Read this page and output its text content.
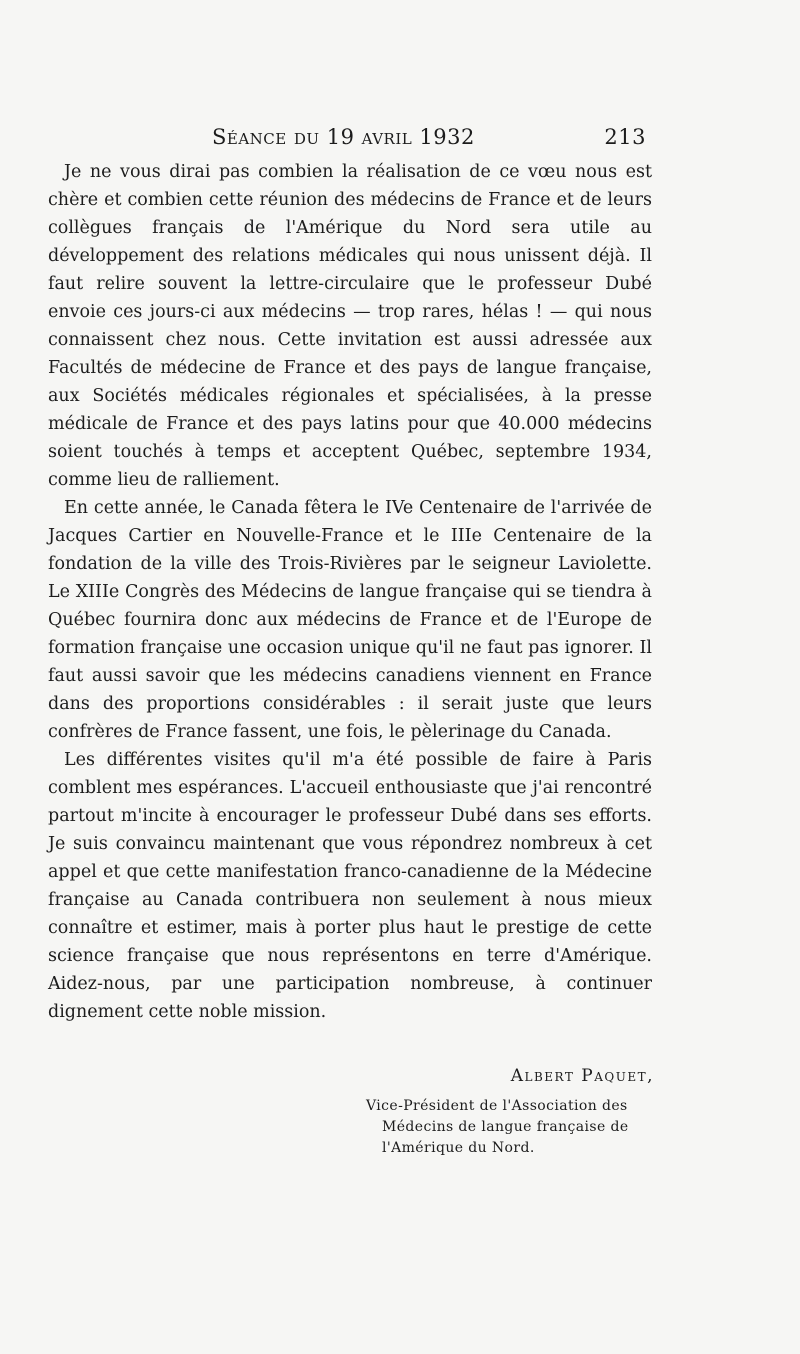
Séance du 19 avril 1932	213

Je ne vous dirai pas combien la réalisation de ce vœu nous est chère et combien cette réunion des médecins de France et de leurs collègues français de l'Amérique du Nord sera utile au développement des relations médicales qui nous unissent déjà. Il faut relire souvent la lettre-circulaire que le professeur Dubé envoie ces jours-ci aux médecins — trop rares, hélas ! — qui nous connaissent chez nous. Cette invitation est aussi adressée aux Facultés de médecine de France et des pays de langue française, aux Sociétés médicales régionales et spécialisées, à la presse médicale de France et des pays latins pour que 40.000 médecins soient touchés à temps et acceptent Québec, septembre 1934, comme lieu de ralliement.

En cette année, le Canada fêtera le IVe Centenaire de l'arrivée de Jacques Cartier en Nouvelle-France et le IIIe Centenaire de la fondation de la ville des Trois-Rivières par le seigneur Laviolette. Le XIIIe Congrès des Médecins de langue française qui se tiendra à Québec fournira donc aux médecins de France et de l'Europe de formation française une occasion unique qu'il ne faut pas ignorer. Il faut aussi savoir que les médecins canadiens viennent en France dans des proportions considérables : il serait juste que leurs confrères de France fassent, une fois, le pèlerinage du Canada.

Les différentes visites qu'il m'a été possible de faire à Paris comblent mes espérances. L'accueil enthousiaste que j'ai rencontré partout m'incite à encourager le professeur Dubé dans ses efforts. Je suis convaincu maintenant que vous répondrez nombreux à cet appel et que cette manifestation franco-canadienne de la Médecine française au Canada contribuera non seulement à nous mieux connaître et estimer, mais à porter plus haut le prestige de cette science française que nous représentons en terre d'Amérique. Aidez-nous, par une participation nombreuse, à continuer dignement cette noble mission.

Albert Paquet,
Vice-Président de l'Association des
Médecins de langue française de
l'Amérique du Nord.
